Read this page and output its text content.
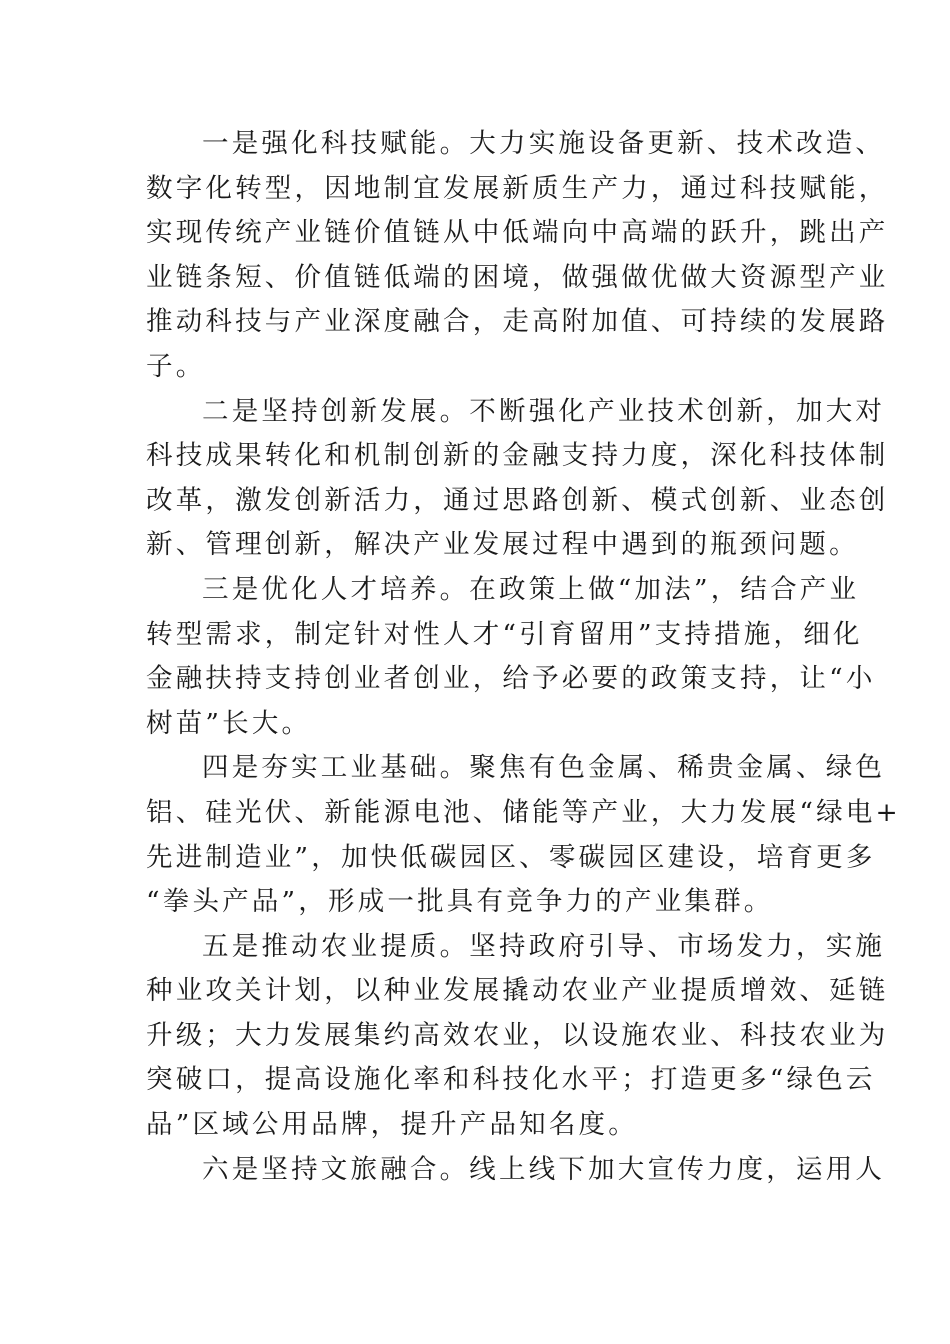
一是强化科技赋能。大力实施设备更新、技术改造、
数字化转型，因地制宜发展新质生产力，通过科技赋能，
实现传统产业链价值链从中低端向中高端的跃升，跳出产
业链条短、价值链低端的困境，做强做优做大资源型产业
推动科技与产业深度融合，走高附加值、可持续的发展路
子。
二是坚持创新发展。不断强化产业技术创新，加大对
科技成果转化和机制创新的金融支持力度，深化科技体制
改革，激发创新活力，通过思路创新、模式创新、业态创
新、管理创新，解决产业发展过程中遇到的瓶颈问题。
三是优化人才培养。在政策上做“加法”，结合产业
转型需求，制定针对性人才“引育留用”支持措施，细化
金融扶持支持创业者创业，给予必要的政策支持，让“小
树苗”长大。
四是夯实工业基础。聚焦有色金属、稀贵金属、绿色
铝、硅光伏、新能源电池、储能等产业，大力发展“绿电+
先进制造业”，加快低碳园区、零碳园区建设，培育更多
“拳头产品”，形成一批具有竞争力的产业集群。
五是推动农业提质。坚持政府引导、市场发力，实施
种业攻关计划，以种业发展撬动农业产业提质增效、延链
升级；大力发展集约高效农业，以设施农业、科技农业为
突破口，提高设施化率和科技化水平；打造更多“绿色云
品”区域公用品牌，提升产品知名度。
六是坚持文旅融合。线上线下加大宣传力度，运用人
